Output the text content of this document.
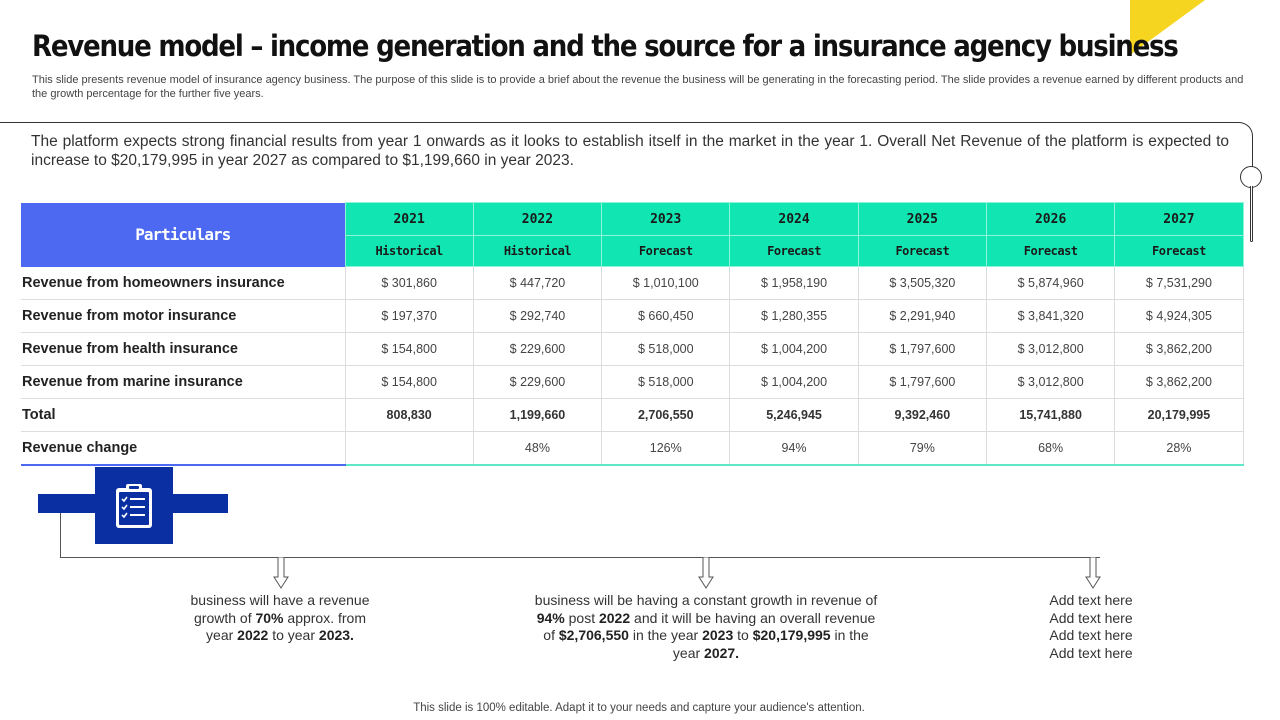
Revenue model – income generation and the source for a insurance agency business

This slide presents revenue model of insurance agency business. The purpose of this slide is to provide a brief about the revenue the business will be generating in the forecasting period. The slide provides a revenue earned by different products and the growth percentage for the further five years.

The platform expects strong financial results from year 1 onwards as it looks to establish itself in the market in the year 1. Overall Net Revenue of the platform is expected to increase to $20,179,995 in year 2027 as compared to $1,199,660 in year 2023.

Particulars	2021	2022	2023	2024	2025	2026	2027
	Historical	Historical	Forecast	Forecast	Forecast	Forecast	Forecast
Revenue from homeowners insurance	$ 301,860	$ 447,720	$ 1,010,100	$ 1,958,190	$ 3,505,320	$ 5,874,960	$ 7,531,290
Revenue from motor insurance	$ 197,370	$ 292,740	$ 660,450	$ 1,280,355	$ 2,291,940	$ 3,841,320	$ 4,924,305
Revenue from health insurance	$ 154,800	$ 229,600	$ 518,000	$ 1,004,200	$ 1,797,600	$ 3,012,800	$ 3,862,200
Revenue from marine insurance	$ 154,800	$ 229,600	$ 518,000	$ 1,004,200	$ 1,797,600	$ 3,012,800	$ 3,862,200
Total	808,830	1,199,660	2,706,550	5,246,945	9,392,460	15,741,880	20,179,995
Revenue change		48%	126%	94%	79%	68%	28%

business will have a revenue growth of 70% approx. from year 2022 to year 2023.

business will be having a constant growth in revenue of 94% post 2022 and it will be having an overall revenue of $2,706,550 in the year 2023 to $20,179,995 in the year 2027.

Add text here
Add text here
Add text here
Add text here

This slide is 100% editable. Adapt it to your needs and capture your audience's attention.
